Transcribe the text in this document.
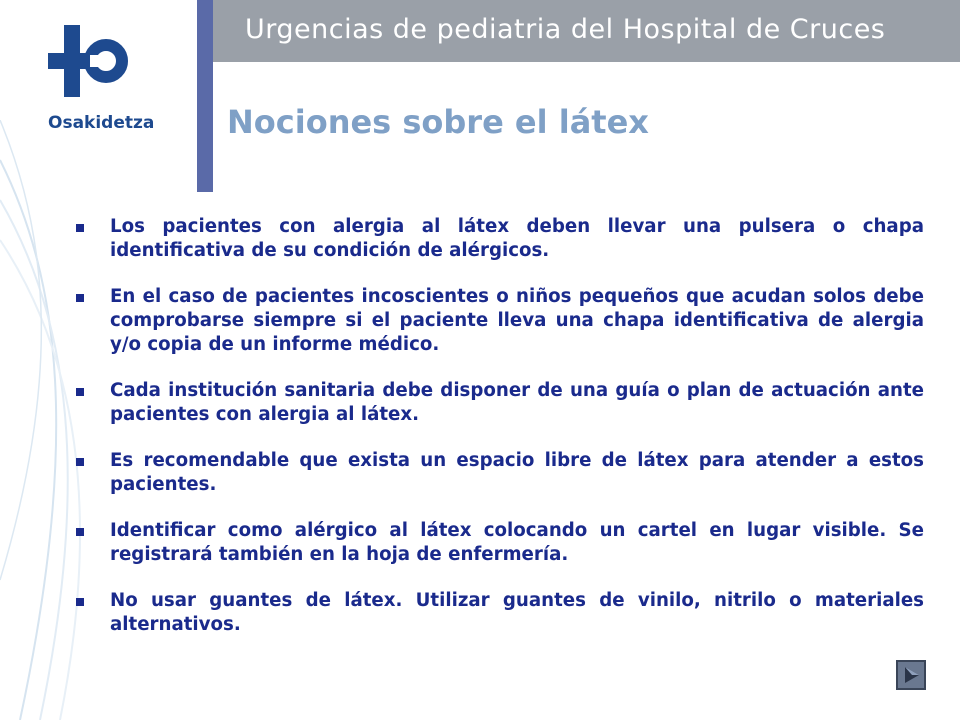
Urgencias de pediatria del Hospital de Cruces
Osakidetza Nociones sobre el látex
Los pacientes con alergia al látex deben llevar una pulsera o chapa identificativa de su condición de alérgicos.
En el caso de pacientes incoscientes o niños pequeños que acudan solos debe comprobarse siempre si el paciente lleva una chapa identificativa de alergia y/o copia de un informe médico.
Cada institución sanitaria debe disponer de una guía o plan de actuación ante pacientes con alergia al látex.
Es recomendable que exista un espacio libre de látex para atender a estos pacientes.
Identificar como alérgico al látex colocando un cartel en lugar visible. Se registrará también en la hoja de enfermería.
No usar guantes de látex. Utilizar guantes de vinilo, nitrilo o materiales alternativos.
